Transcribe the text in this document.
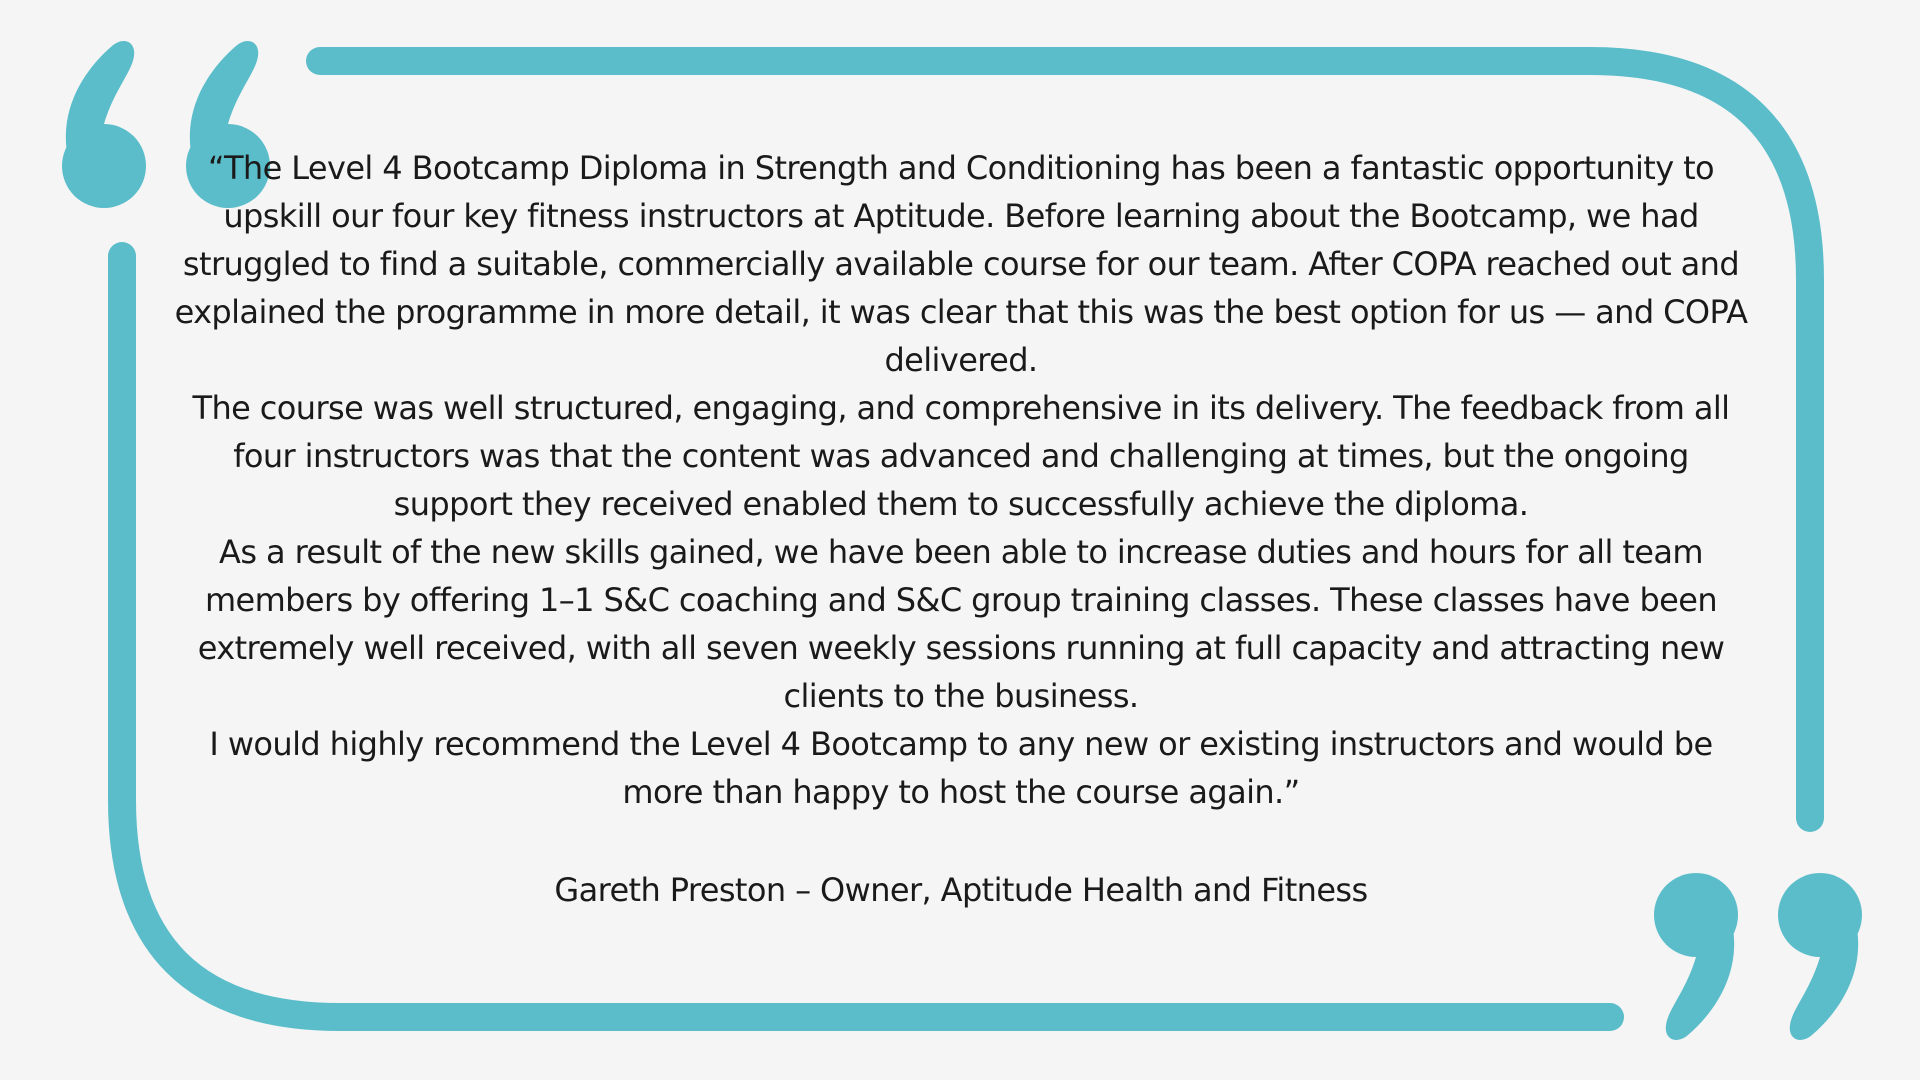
“The Level 4 Bootcamp Diploma in Strength and Conditioning has been a fantastic opportunity to upskill our four key fitness instructors at Aptitude. Before learning about the Bootcamp, we had struggled to find a suitable, commercially available course for our team. After COPA reached out and explained the programme in more detail, it was clear that this was the best option for us — and COPA delivered.

The course was well structured, engaging, and comprehensive in its delivery. The feedback from all four instructors was that the content was advanced and challenging at times, but the ongoing support they received enabled them to successfully achieve the diploma.

As a result of the new skills gained, we have been able to increase duties and hours for all team members by offering 1–1 S&C coaching and S&C group training classes. These classes have been extremely well received, with all seven weekly sessions running at full capacity and attracting new clients to the business.

I would highly recommend the Level 4 Bootcamp to any new or existing instructors and would be more than happy to host the course again.”

Gareth Preston – Owner, Aptitude Health and Fitness
